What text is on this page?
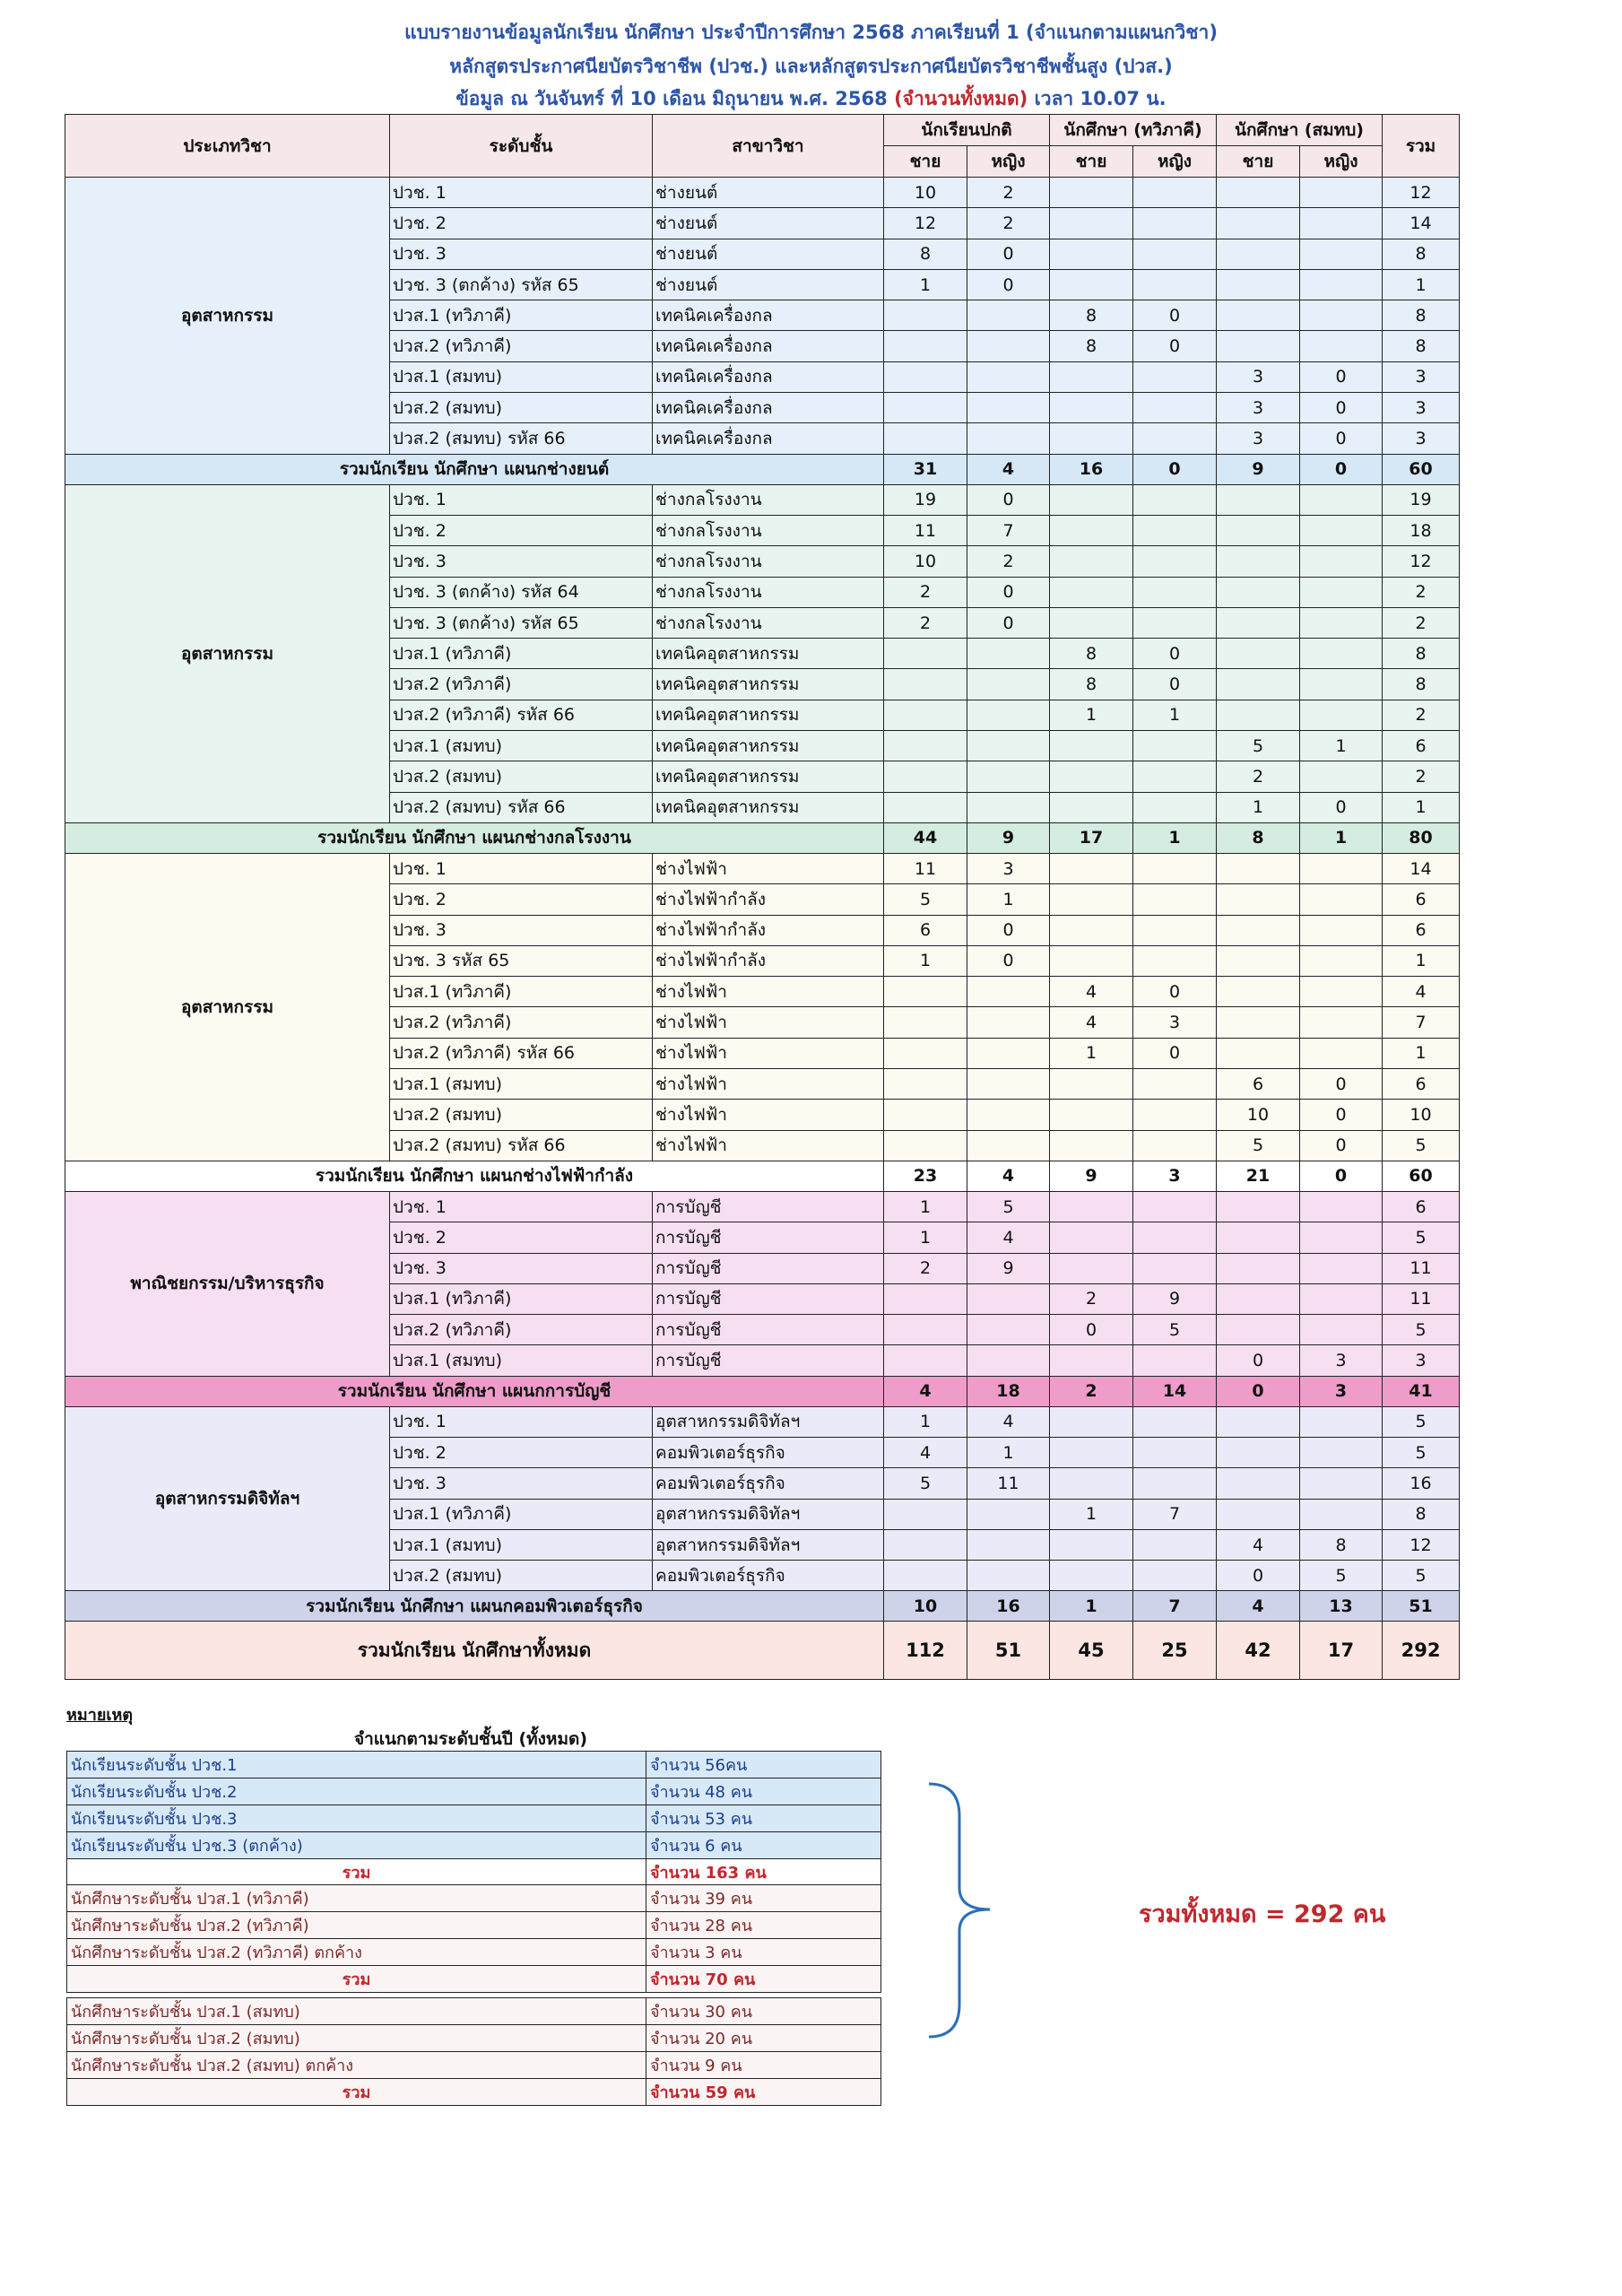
แบบรายงานข้อมูลนักเรียน นักศึกษา ประจำปีการศึกษา 2568 ภาคเรียนที่ 1 (จำแนกตามแผนกวิชา)
หลักสูตรประกาศนียบัตรวิชาชีพ (ปวช.) และหลักสูตรประกาศนียบัตรวิชาชีพชั้นสูง (ปวส.)
ข้อมูล ณ วันจันทร์ ที่ 10 เดือน มิถุนายน พ.ศ. 2568 (จำนวนทั้งหมด) เวลา 10.07 น.
ประเภทวิชา	ระดับชั้น	สาขาวิชา	นักเรียนปกติ		นักศึกษา (ทวิภาคี)		นักศึกษา (สมทบ)		รวม
			ชาย	หญิง	ชาย	หญิง	ชาย	หญิง	
อุตสาหกรรม	ปวช. 1	ช่างยนต์	10	2					12
	ปวช. 2	ช่างยนต์	12	2					14
	ปวช. 3	ช่างยนต์	8	0					8
	ปวช. 3 (ตกค้าง) รหัส 65	ช่างยนต์	1	0					1
	ปวส.1 (ทวิภาคี)	เทคนิคเครื่องกล			8	0			8
	ปวส.2 (ทวิภาคี)	เทคนิคเครื่องกล			8	0			8
	ปวส.1 (สมทบ)	เทคนิคเครื่องกล					3	0	3
	ปวส.2 (สมทบ)	เทคนิคเครื่องกล					3	0	3
	ปวส.2 (สมทบ) รหัส 66	เทคนิคเครื่องกล					3	0	3
รวมนักเรียน นักศึกษา แผนกช่างยนต์			31	4	16	0	9	0	60
อุตสาหกรรม	ปวช. 1	ช่างกลโรงงาน	19	0					19
	ปวช. 2	ช่างกลโรงงาน	11	7					18
	ปวช. 3	ช่างกลโรงงาน	10	2					12
	ปวช. 3 (ตกค้าง) รหัส 64	ช่างกลโรงงาน	2	0					2
	ปวช. 3 (ตกค้าง) รหัส 65	ช่างกลโรงงาน	2	0					2
	ปวส.1 (ทวิภาคี)	เทคนิคอุตสาหกรรม			8	0			8
	ปวส.2 (ทวิภาคี)	เทคนิคอุตสาหกรรม			8	0			8
	ปวส.2 (ทวิภาคี) รหัส 66	เทคนิคอุตสาหกรรม			1	1			2
	ปวส.1 (สมทบ)	เทคนิคอุตสาหกรรม					5	1	6
	ปวส.2 (สมทบ)	เทคนิคอุตสาหกรรม					2		2
	ปวส.2 (สมทบ) รหัส 66	เทคนิคอุตสาหกรรม					1	0	1
รวมนักเรียน นักศึกษา แผนกช่างกลโรงงาน			44	9	17	1	8	1	80
อุตสาหกรรม	ปวช. 1	ช่างไฟฟ้า	11	3					14
	ปวช. 2	ช่างไฟฟ้ากำลัง	5	1					6
	ปวช. 3	ช่างไฟฟ้ากำลัง	6	0					6
	ปวช. 3 รหัส 65	ช่างไฟฟ้ากำลัง	1	0					1
	ปวส.1 (ทวิภาคี)	ช่างไฟฟ้า			4	0			4
	ปวส.2 (ทวิภาคี)	ช่างไฟฟ้า			4	3			7
	ปวส.2 (ทวิภาคี) รหัส 66	ช่างไฟฟ้า			1	0			1
	ปวส.1 (สมทบ)	ช่างไฟฟ้า					6	0	6
	ปวส.2 (สมทบ)	ช่างไฟฟ้า					10	0	10
	ปวส.2 (สมทบ) รหัส 66	ช่างไฟฟ้า					5	0	5
รวมนักเรียน นักศึกษา แผนกช่างไฟฟ้ากำลัง			23	4	9	3	21	0	60
พาณิชยกรรม/บริหารธุรกิจ	ปวช. 1	การบัญชี	1	5					6
	ปวช. 2	การบัญชี	1	4					5
	ปวช. 3	การบัญชี	2	9					11
	ปวส.1 (ทวิภาคี)	การบัญชี			2	9			11
	ปวส.2 (ทวิภาคี)	การบัญชี			0	5			5
	ปวส.1 (สมทบ)	การบัญชี					0	3	3
รวมนักเรียน นักศึกษา แผนกการบัญชี			4	18	2	14	0	3	41
อุตสาหกรรมดิจิทัลฯ	ปวช. 1	อุตสาหกรรมดิจิทัลฯ	1	4					5
	ปวช. 2	คอมพิวเตอร์ธุรกิจ	4	1					5
	ปวช. 3	คอมพิวเตอร์ธุรกิจ	5	11					16
	ปวส.1 (ทวิภาคี)	อุตสาหกรรมดิจิทัลฯ			1	7			8
	ปวส.1 (สมทบ)	อุตสาหกรรมดิจิทัลฯ					4	8	12
	ปวส.2 (สมทบ)	คอมพิวเตอร์ธุรกิจ					0	5	5
รวมนักเรียน นักศึกษา แผนกคอมพิวเตอร์ธุรกิจ			10	16	1	7	4	13	51
รวมนักเรียน นักศึกษาทั้งหมด			112	51	45	25	42	17	292
หมายเหตุ
จำแนกตามระดับชั้นปี (ทั้งหมด)
นักเรียนระดับชั้น ปวช.1	จำนวน 56คน
นักเรียนระดับชั้น ปวช.2	จำนวน 48 คน
นักเรียนระดับชั้น ปวช.3	จำนวน 53 คน
นักเรียนระดับชั้น ปวช.3 (ตกค้าง)	จำนวน 6 คน
รวม	จำนวน 163 คน
นักศึกษาระดับชั้น ปวส.1 (ทวิภาคี)	จำนวน 39 คน
นักศึกษาระดับชั้น ปวส.2 (ทวิภาคี)	จำนวน 28 คน
นักศึกษาระดับชั้น ปวส.2 (ทวิภาคี) ตกค้าง	จำนวน 3 คน
รวม	จำนวน 70 คน
นักศึกษาระดับชั้น ปวส.1 (สมทบ)	จำนวน 30 คน
นักศึกษาระดับชั้น ปวส.2 (สมทบ)	จำนวน 20 คน
นักศึกษาระดับชั้น ปวส.2 (สมทบ) ตกค้าง	จำนวน 9 คน
รวม	จำนวน 59 คน
รวมทั้งหมด = 292 คน
